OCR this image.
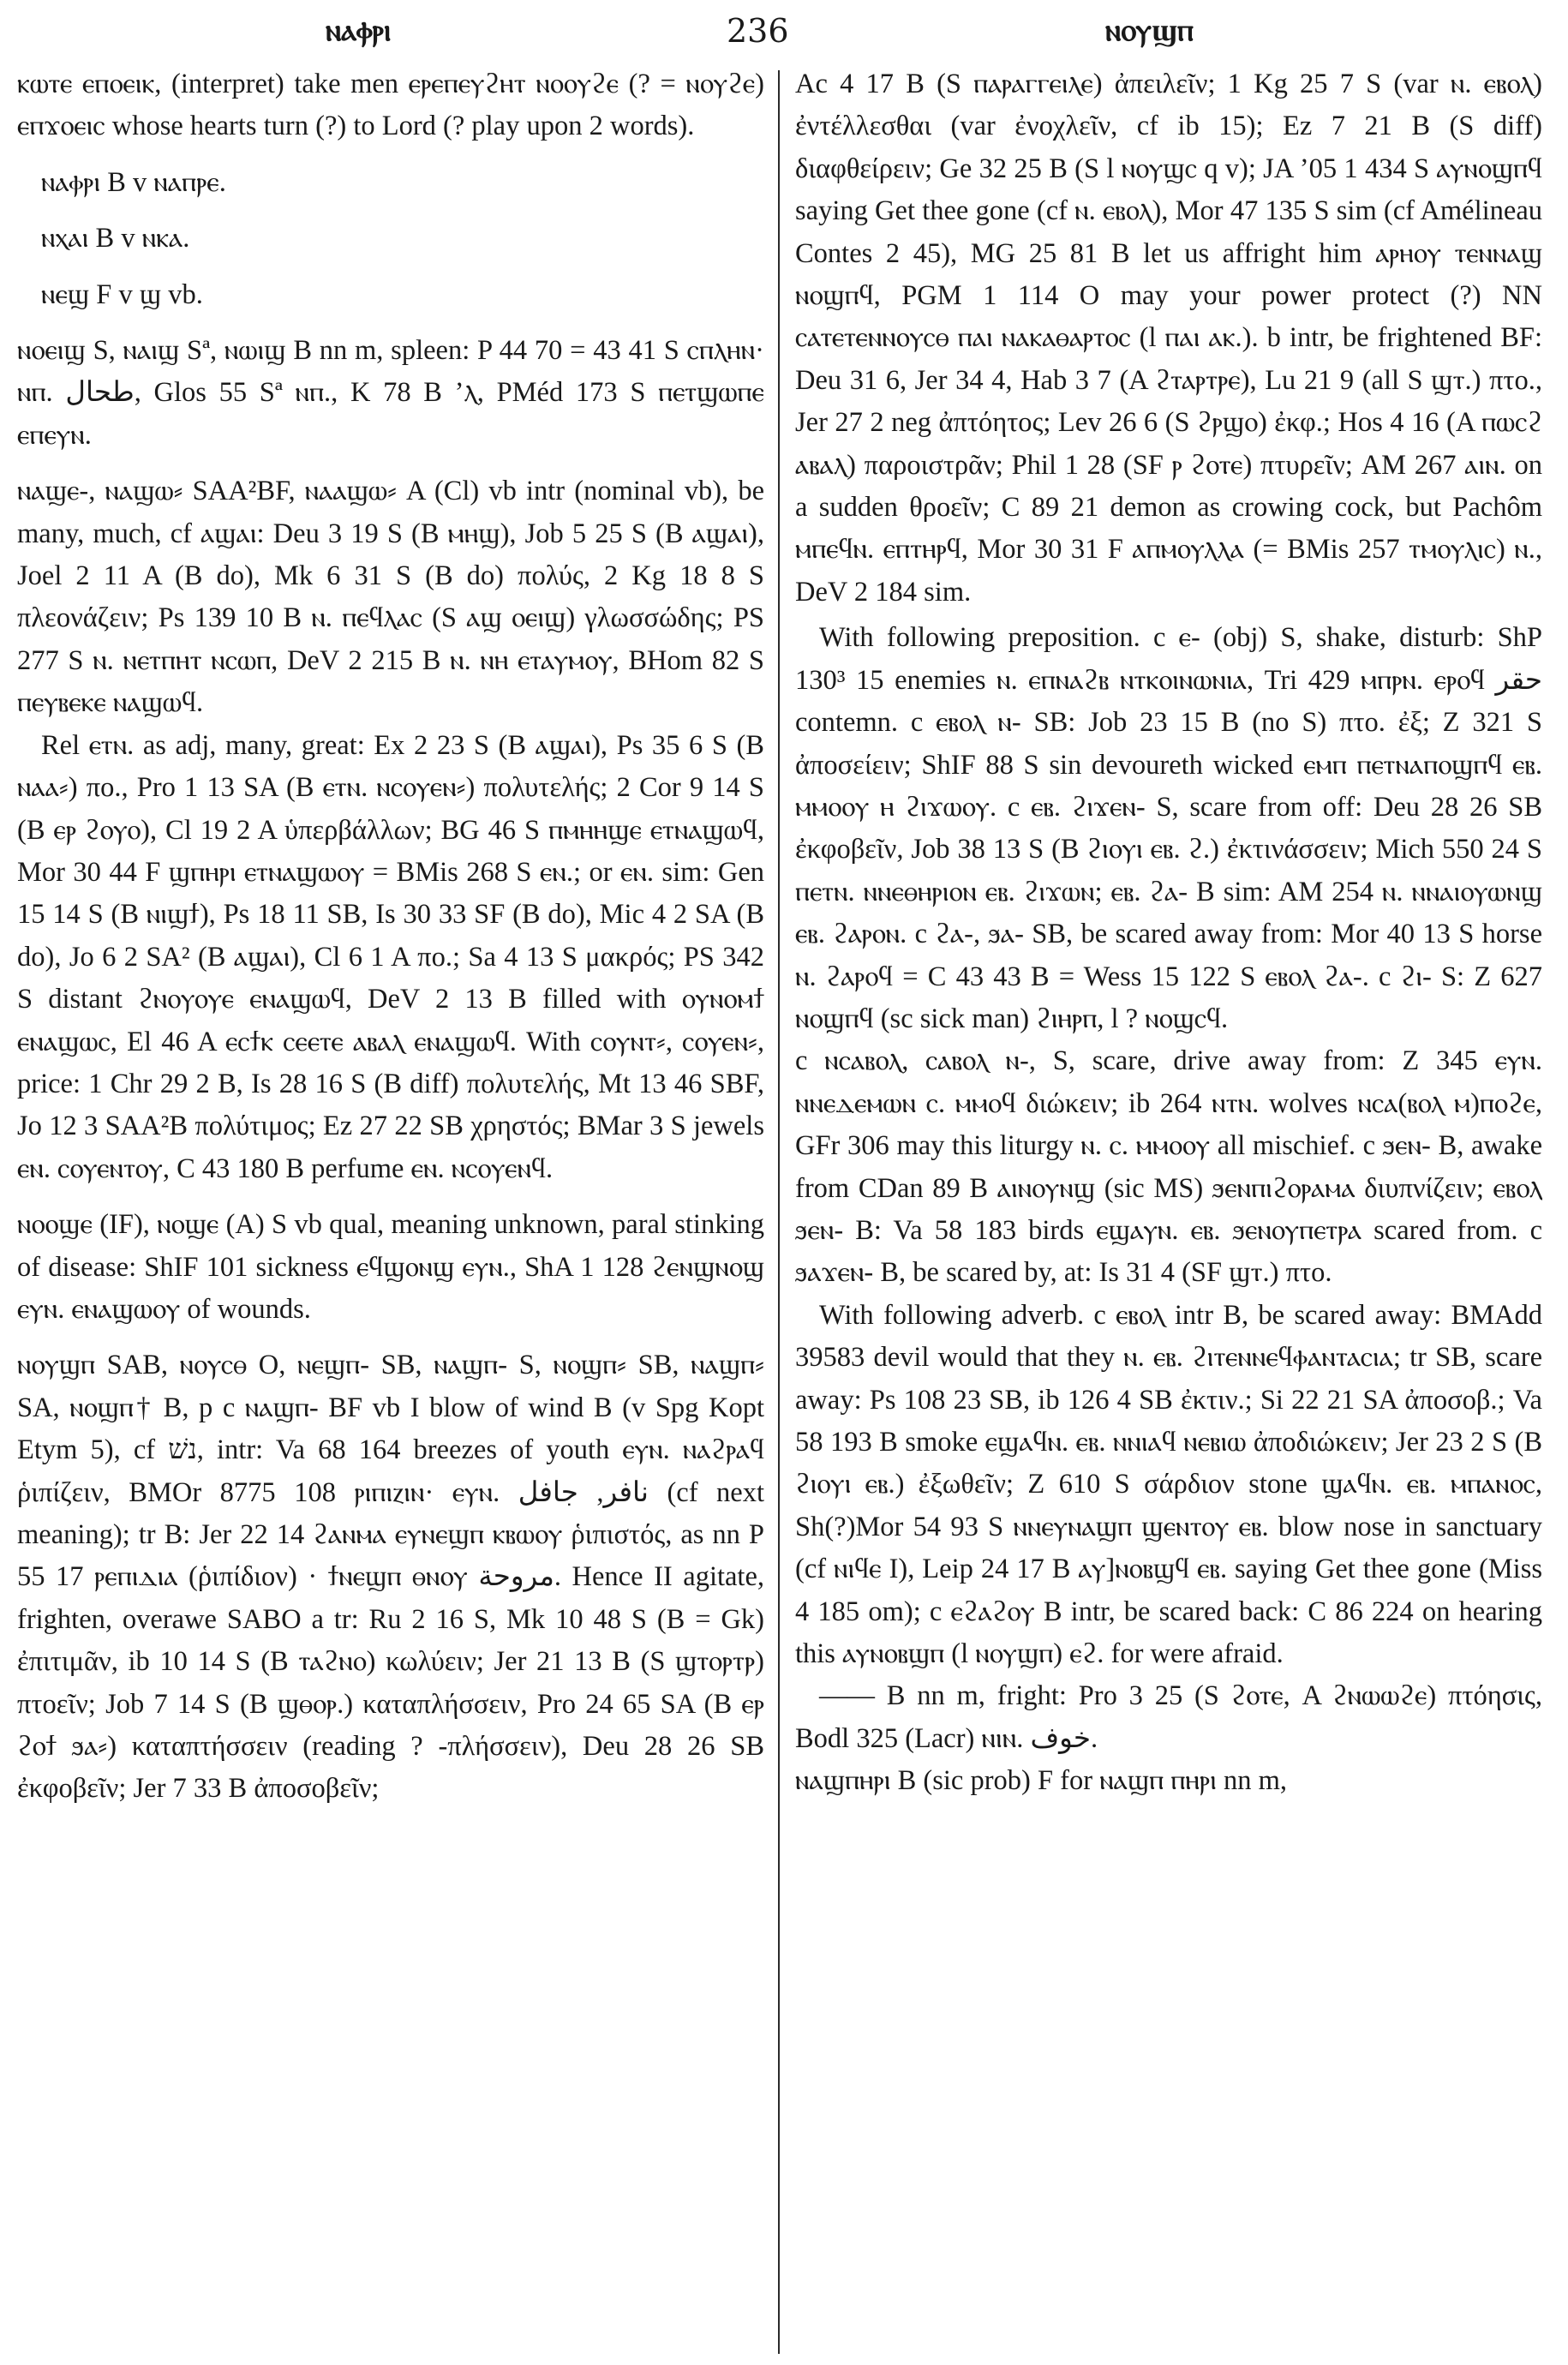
ⲛⲁⲫⲣⲓ	236	ⲛⲟⲩϣⲡ

ⲕⲱⲧⲉ ⲉⲡⲟⲉⲓⲕ, (interpret) take men ⲉⲣⲉⲡⲉⲩϩⲏⲧ ⲛⲟⲟⲩϩⲉ (? = ⲛⲟⲩϩⲉ) ⲉⲡϫⲟⲉⲓⲥ whose hearts turn (?) to Lord (? play upon 2 words).

ⲛⲁⲫⲣⲓ B v ⲛⲁⲡⲣⲉ.

ⲛⲭⲁⲓ B v ⲛⲕⲁ.

ⲛⲉϣ F v ϣ vb.

ⲛⲟⲉⲓϣ S, ⲛⲁⲓϣ Sª, ⲛⲱⲓϣ B nn m, spleen: P 44 70 = 43 41 S ⲥⲡⲗⲏⲛ· ⲛⲡ. طحال, Glos 55 Sª ⲛⲡ., K 78 B ’ⲗ, PMéd 173 S ⲡⲉⲧϣⲱⲡⲉ ⲉⲡⲉⲩⲛ.

ⲛⲁϣⲉ-, ⲛⲁϣⲱ⸗ SAA²BF, ⲛⲁⲁϣⲱ⸗ A (Cl) vb intr (nominal vb), be many, much, cf ⲁϣⲁⲓ: Deu 3 19 S (B ⲙⲏϣ), Job 5 25 S (B ⲁϣⲁⲓ), Joel 2 11 A (B do), Mk 6 31 S (B do) πολύς, 2 Kg 18 8 S πλεονάζειν; Ps 139 10 B ⲛ. ⲡⲉϥⲗⲁⲥ (S ⲁϣ ⲟⲉⲓϣ) γλωσσώδης; PS 277 S ⲛ. ⲛⲉⲧⲡⲏⲧ ⲛⲥⲱⲡ, DeV 2 215 B ⲛ. ⲛⲏ ⲉⲧⲁⲩⲙⲟⲩ, BHom 82 S ⲡⲉⲩⲃⲉⲕⲉ ⲛⲁϣⲱϥ.

Rel ⲉⲧⲛ. as adj, many, great: Ex 2 23 S (B ⲁϣⲁⲓ), Ps 35 6 S (B ⲛⲁⲁ⸗) πο., Pro 1 13 SA (B ⲉⲧⲛ. ⲛⲥⲟⲩⲉⲛ⸗) πολυτελής; 2 Cor 9 14 S (B ⲉⲣ ϩⲟⲩⲟ), Cl 19 2 A ὑπερβάλλων; BG 46 S ⲡⲙⲏⲏϣⲉ ⲉⲧⲛⲁϣⲱϥ, Mor 30 44 F ϣⲡⲏⲣⲓ ⲉⲧⲛⲁϣⲱⲟⲩ = BMis 268 S ⲉⲛ.; or ⲉⲛ. sim: Gen 15 14 S (B ⲛⲓϣϯ), Ps 18 11 SB, Is 30 33 SF (B do), Mic 4 2 SA (B do), Jo 6 2 SA² (B ⲁϣⲁⲓ), Cl 6 1 A πο.; Sa 4 13 S μακρός; PS 342 S distant ϩⲛⲟⲩⲟⲩⲉ ⲉⲛⲁϣⲱϥ, DeV 2 13 B filled with ⲟⲩⲛⲟⲙϯ ⲉⲛⲁϣⲱⲥ, El 46 A ⲉⲥϯⲕ ⲥⲉⲉⲧⲉ ⲁⲃⲁⲗ ⲉⲛⲁϣⲱϥ. With ⲥⲟⲩⲛⲧ⸗, ⲥⲟⲩⲉⲛ⸗, price: 1 Chr 29 2 B, Is 28 16 S (B diff) πολυτελής, Mt 13 46 SBF, Jo 12 3 SAA²B πολύτιμος; Ez 27 22 SB χρηστός; BMar 3 S jewels ⲉⲛ. ⲥⲟⲩⲉⲛⲧⲟⲩ, C 43 180 B perfume ⲉⲛ. ⲛⲥⲟⲩⲉⲛϥ.

ⲛⲟⲟϣⲉ (IF), ⲛⲟϣⲉ (A) S vb qual, meaning unknown, paral stinking of disease: ShIF 101 sickness ⲉϥϣⲟⲛϣ ⲉⲩⲛ., ShA 1 128 ϩⲉⲛϣⲛⲟϣ ⲉⲩⲛ. ⲉⲛⲁϣⲱⲟⲩ of wounds.

ⲛⲟⲩϣⲡ SAB, ⲛⲟⲩⲥⲑ O, ⲛⲉϣⲡ- SB, ⲛⲁϣⲡ- S, ⲛⲟϣⲡ⸗ SB, ⲛⲁϣⲡ⸗ SA, ⲛⲟϣⲡ† B, p c ⲛⲁϣⲡ- BF vb I blow of wind B (v Spg Kopt Etym 5), cf נשׁ, intr: Va 68 164 breezes of youth ⲉⲩⲛ. ⲛⲁϩⲣⲁϥ ῥιπίζειν, BMOr 8775 108 ⲣⲓⲡⲓⲍⲓⲛ· ⲉⲩⲛ. نافر, جافل (cf next meaning); tr B: Jer 22 14 ϩⲁⲛⲙⲁ ⲉⲩⲛⲉϣⲡ ⲕⲃⲱⲟⲩ ῥιπιστός, as nn P 55 17 ⲣⲉⲡⲓⲇⲓⲁ (ῥιπίδιον) · ϯⲛⲉϣⲡ ⲑⲛⲟⲩ مروحة. Hence II agitate, frighten, overawe SABO a tr: Ru 2 16 S, Mk 10 48 S (B = Gk) ἐπιτιμᾶν, ib 10 14 S (B ⲧⲁϩⲛⲟ) κωλύειν; Jer 21 13 B (S ϣⲧⲟⲣⲧⲣ) πτοεῖν; Job 7 14 S (B ϣⲑⲟⲣ.) καταπλήσσειν, Pro 24 65 SA (B ⲉⲣ ϩⲟϯ ϧⲁ⸗) καταπτήσσειν (reading ? -πλήσσειν), Deu 28 26 SB ἐκφοβεῖν; Jer 7 33 B ἀποσοβεῖν;

Ac 4 17 B (S ⲡⲁⲣⲁⲅⲅⲉⲓⲗⲉ) ἀπειλεῖν; 1 Kg 25 7 S (var ⲛ. ⲉⲃⲟⲗ) ἐντέλλεσθαι (var ἐνοχλεῖν, cf ib 15); Ez 7 21 B (S diff) διαφθείρειν; Ge 32 25 B (S l ⲛⲟⲩϣⲥ q v); JA ’05 1 434 S ⲁⲩⲛⲟϣⲡϥ saying Get thee gone (cf ⲛ. ⲉⲃⲟⲗ), Mor 47 135 S sim (cf Amélineau Contes 2 45), MG 25 81 B let us affright him ⲁⲣⲏⲟⲩ ⲧⲉⲛⲛⲁϣ ⲛⲟϣⲡϥ, PGM 1 114 O may your power protect (?) NN ⲥⲁⲧⲉⲧⲉⲛⲛⲟⲩⲥⲑ ⲡⲁⲓ ⲛⲁⲕⲁⲑⲁⲣⲧⲟⲥ (l ⲡⲁⲓ ⲁⲕ.). b intr, be frightened BF: Deu 31 6, Jer 34 4, Hab 3 7 (A ϩⲧⲁⲣⲧⲣⲉ), Lu 21 9 (all S ϣⲧ.) πτο., Jer 27 2 neg ἀπτόητος; Lev 26 6 (S ϩⲣϣⲟ) ἐκφ.; Hos 4 16 (A ⲡⲱⲥϩ ⲁⲃⲁⲗ) παροιστρᾶν; Phil 1 28 (SF ⲣ ϩⲟⲧⲉ) πτυρεῖν; AM 267 ⲁⲓⲛ. on a sudden θροεῖν; C 89 21 demon as crowing cock, but Pachôm ⲙⲡⲉϥⲛ. ⲉⲡⲧⲏⲣϥ, Mor 30 31 F ⲁⲡⲙⲟⲩⲗⲗⲁ (= BMis 257 ⲧⲙⲟⲩⲗⲓⲥ) ⲛ., DeV 2 184 sim.

With following preposition. c ⲉ- (obj) S, shake, disturb: ShP 130³ 15 enemies ⲛ. ⲉⲡⲛⲁϩⲃ ⲛⲧⲕⲟⲓⲛⲱⲛⲓⲁ, Tri 429 ⲙⲡⲣⲛ. ⲉⲣⲟϥ حقر contemn. c ⲉⲃⲟⲗ ⲛ- SB: Job 23 15 B (no S) πτο. ἐξ; Z 321 S ἀποσείειν; ShIF 88 S sin devoureth wicked ⲉⲙⲡ ⲡⲉⲧⲛⲁⲡⲟϣⲡϥ ⲉⲃ. ⲙⲙⲟⲟⲩ ⲏ ϩⲓϫⲱⲟⲩ. c ⲉⲃ. ϩⲓϫⲉⲛ- S, scare from off: Deu 28 26 SB ἐκφοβεῖν, Job 38 13 S (B ϩⲓⲟⲩⲓ ⲉⲃ. ϩ.) ἐκτινάσσειν; Mich 550 24 S ⲡⲉⲧⲛ. ⲛⲛⲉⲑⲏⲣⲓⲟⲛ ⲉⲃ. ϩⲓϫⲱⲛ; ⲉⲃ. ϩⲁ- B sim: AM 254 ⲛ. ⲛⲛⲁⲓⲟⲩⲱⲛϣ ⲉⲃ. ϩⲁⲣⲟⲛ. c ϩⲁ-, ϧⲁ- SB, be scared away from: Mor 40 13 S horse ⲛ. ϩⲁⲣⲟϥ = C 43 43 B = Wess 15 122 S ⲉⲃⲟⲗ ϩⲁ-. c ϩⲓ- S: Z 627 ⲛⲟϣⲡϥ (sc sick man) ϩⲓⲏⲣⲡ, l ? ⲛⲟϣⲥϥ.

c ⲛⲥⲁⲃⲟⲗ, ⲥⲁⲃⲟⲗ ⲛ-, S, scare, drive away from: Z 345 ⲉⲩⲛ. ⲛⲛⲉⲇⲉⲙⲱⲛ ⲥ. ⲙⲙⲟϥ διώκειν; ib 264 ⲛⲧⲛ. wolves ⲛⲥⲁ(ⲃⲟⲗ ⲙ)ⲡⲟϩⲉ, GFr 306 may this liturgy ⲛ. ⲥ. ⲙⲙⲟⲟⲩ all mischief. c ϧⲉⲛ- B, awake from CDan 89 B ⲁⲓⲛⲟⲩⲛϣ (sic MS) ϧⲉⲛⲡⲓϩⲟⲣⲁⲙⲁ διυπνίζειν; ⲉⲃⲟⲗ ϧⲉⲛ- B: Va 58 183 birds ⲉϣⲁⲩⲛ. ⲉⲃ. ϧⲉⲛⲟⲩⲡⲉⲧⲣⲁ scared from. c ϧⲁϫⲉⲛ- B, be scared by, at: Is 31 4 (SF ϣⲧ.) πτο.

With following adverb. c ⲉⲃⲟⲗ intr B, be scared away: BMAdd 39583 devil would that they ⲛ. ⲉⲃ. ϩⲓⲧⲉⲛⲛⲉϥⲫⲁⲛⲧⲁⲥⲓⲁ; tr SB, scare away: Ps 108 23 SB, ib 126 4 SB ἐκτιν.; Si 22 21 SA ἀποσοβ.; Va 58 193 B smoke ⲉϣⲁϥⲛ. ⲉⲃ. ⲛⲛⲓⲁϥ ⲛⲉⲃⲓⲱ ἀποδιώκειν; Jer 23 2 S (B ϩⲓⲟⲩⲓ ⲉⲃ.) ἐξωθεῖν; Z 610 S σάρδιον stone ϣⲁϥⲛ. ⲉⲃ. ⲙⲡⲁⲛⲟⲥ, Sh(?)Mor 54 93 S ⲛⲛⲉⲩⲛⲁϣⲡ ϣⲉⲛⲧⲟⲩ ⲉⲃ. blow nose in sanctuary (cf ⲛⲓϥⲉ I), Leip 24 17 B ⲁⲩ]ⲛⲟⲃϣϥ ⲉⲃ. saying Get thee gone (Miss 4 185 om); c ⲉϩⲁϩⲟⲩ B intr, be scared back: C 86 224 on hearing this ⲁⲩⲛⲟⲃϣⲡ (l ⲛⲟⲩϣⲡ) ⲉϩ. for were afraid.

—— B nn m, fright: Pro 3 25 (S ϩⲟⲧⲉ, A ϩⲛⲱⲱϩⲉ) πτόησις, Bodl 325 (Lacr) ⲛⲓⲛ. خوف.

ⲛⲁϣⲡⲏⲣⲓ B (sic prob) F for ⲛⲁϣⲡ ⲡⲏⲣⲓ nn m,
